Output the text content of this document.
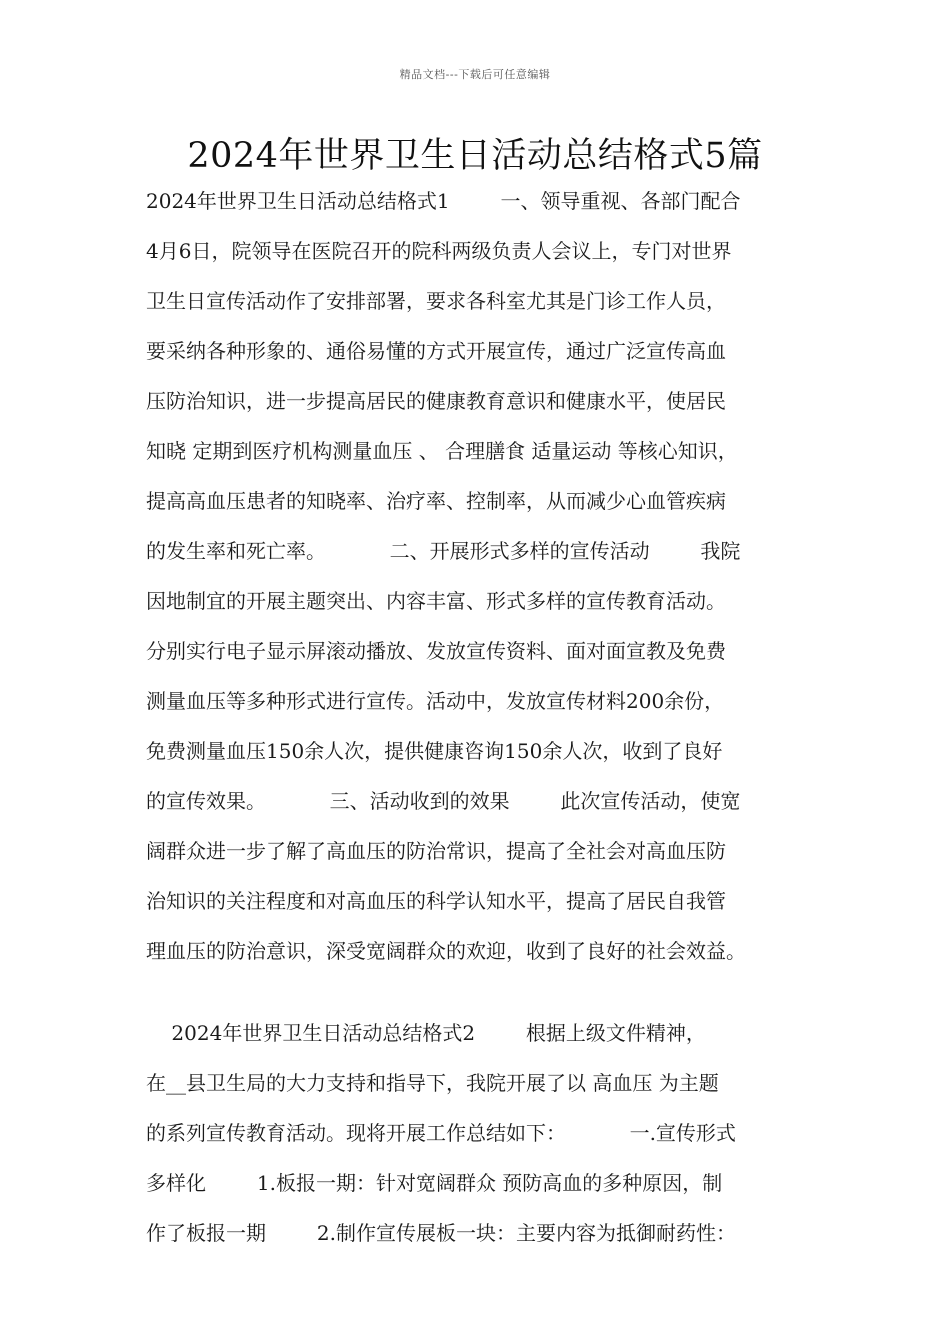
精品文档---下载后可任意编辑
2024年世界卫生日活动总结格式5篇
2024年世界卫生日活动总结格式1        一、领导重视、各部门配合
4月6日，院领导在医院召开的院科两级负责人会议上，专门对世界
卫生日宣传活动作了安排部署，要求各科室尤其是门诊工作人员，
要采纳各种形象的、通俗易懂的方式开展宣传，通过广泛宣传高血
压防治知识，进一步提高居民的健康教育意识和健康水平，使居民
知晓 定期到医疗机构测量血压 、 合理膳食 适量运动 等核心知识，
提高高血压患者的知晓率、治疗率、控制率，从而减少心血管疾病
的发生率和死亡率。          二、开展形式多样的宣传活动        我院
因地制宜的开展主题突出、内容丰富、形式多样的宣传教育活动。
分别实行电子显示屏滚动播放、发放宣传资料、面对面宣教及免费
测量血压等多种形式进行宣传。活动中，发放宣传材料200余份，
免费测量血压150余人次，提供健康咨询150余人次，收到了良好
的宣传效果。          三、活动收到的效果        此次宣传活动，使宽
阔群众进一步了解了高血压的防治常识，提高了全社会对高血压防
治知识的关注程度和对高血压的科学认知水平，提高了居民自我管
理血压的防治意识，深受宽阔群众的欢迎，收到了良好的社会效益。
2024年世界卫生日活动总结格式2        根据上级文件精神，
在__县卫生局的大力支持和指导下，我院开展了以 高血压 为主题
的系列宣传教育活动。现将开展工作总结如下：          一.宣传形式
多样化        1.板报一期：针对宽阔群众 预防高血的多种原因，制
作了板报一期        2.制作宣传展板一块：主要内容为抵御耐药性：
